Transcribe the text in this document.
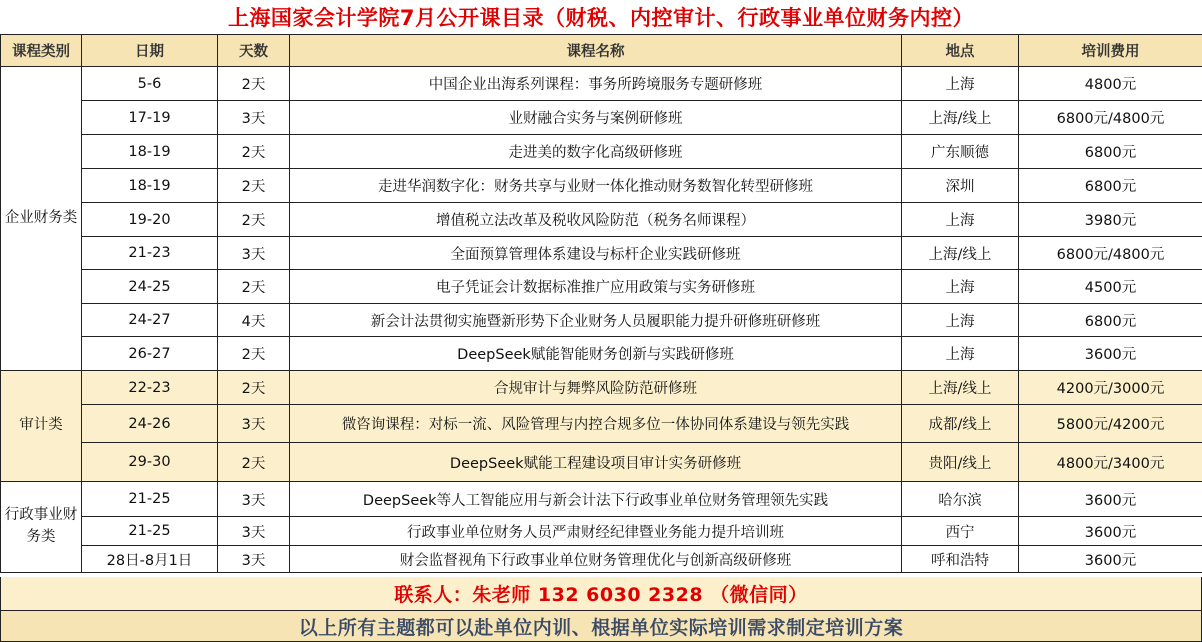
上海国家会计学院7月公开课目录（财税、内控审计、行政事业单位财务内控）
课程类别	日期	天数	课程名称	地点	培训费用
企业财务类	5-6	2天	中国企业出海系列课程：事务所跨境服务专题研修班	上海	4800元
	17-19	3天	业财融合实务与案例研修班	上海/线上	6800元/4800元
	18-19	2天	走进美的数字化高级研修班	广东顺德	6800元
	18-19	2天	走进华润数字化：财务共享与业财一体化推动财务数智化转型研修班	深圳	6800元
	19-20	2天	增值税立法改革及税收风险防范（税务名师课程）	上海	3980元
	21-23	3天	全面预算管理体系建设与标杆企业实践研修班	上海/线上	6800元/4800元
	24-25	2天	电子凭证会计数据标准推广应用政策与实务研修班	上海	4500元
	24-27	4天	新会计法贯彻实施暨新形势下企业财务人员履职能力提升研修班研修班	上海	6800元
	26-27	2天	DeepSeek赋能智能财务创新与实践研修班	上海	3600元
审计类	22-23	2天	合规审计与舞弊风险防范研修班	上海/线上	4200元/3000元
	24-26	3天	微咨询课程：对标一流、风险管理与内控合规多位一体协同体系建设与领先实践	成都/线上	5800元/4200元
	29-30	2天	DeepSeek赋能工程建设项目审计实务研修班	贵阳/线上	4800元/3400元
行政事业财务类	21-25	3天	DeepSeek等人工智能应用与新会计法下行政事业单位财务管理领先实践	哈尔滨	3600元
	21-25	3天	行政事业单位财务人员严肃财经纪律暨业务能力提升培训班	西宁	3600元
	28日-8月1日	3天	财会监督视角下行政事业单位财务管理优化与创新高级研修班	呼和浩特	3600元
联系人：朱老师 132 6030 2328 （微信同）
以上所有主题都可以赴单位内训、根据单位实际培训需求制定培训方案
